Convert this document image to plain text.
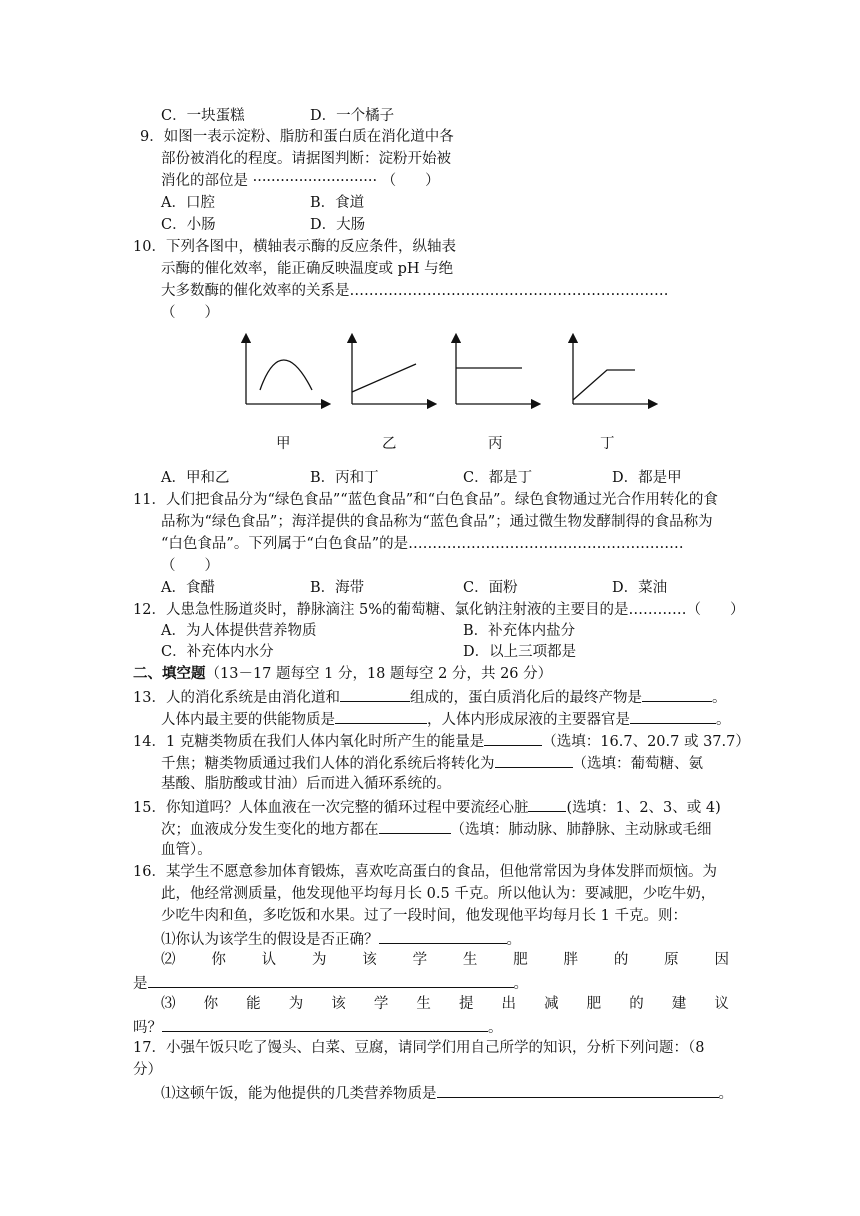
C．一块蛋糕	D．一个橘子
9．如图一表示淀粉、脂肪和蛋白质在消化道中各
部份被消化的程度。请据图判断：淀粉开始被
消化的部位是 ··························· （　　）
A．口腔	B．食道
C．小肠	D．大肠
10．下列各图中，横轴表示酶的反应条件，纵轴表
示酶的催化效率，能正确反映温度或 pH 与绝
大多数酶的催化效率的关系是…………………………………………………………
（　　）
甲	乙	丙	丁
A．甲和乙	B．丙和丁	C．都是丁	D．都是甲
11．人们把食品分为“绿色食品”“蓝色食品”和“白色食品”。绿色食物通过光合作用转化的食
品称为“绿色食品”；海洋提供的食品称为“蓝色食品”；通过微生物发酵制得的食品称为
“白色食品”。下列属于“白色食品”的是…………………………………………………
（　　）
A．食醋	B．海带	C．面粉	D．菜油
12．人患急性肠道炎时，静脉滴注 5%的葡萄糖、氯化钠注射液的主要目的是…………（　　）
A．为人体提供营养物质	B．补充体内盐分
C．补充体内水分	D．以上三项都是
二、填空题（13－17 题每空 1 分，18 题每空 2 分，共 26 分）
13．人的消化系统是由消化道和	组成的，蛋白质消化后的最终产物是	。
人体内最主要的供能物质是	，人体内形成尿液的主要器官是	。
14．1 克糖类物质在我们人体内氧化时所产生的能量是	（选填：16.7、20.7 或 37.7）
千焦；糖类物质通过我们人体的消化系统后将转化为	（选填：葡萄糖、氨
基酸、脂肪酸或甘油）后而进入循环系统的。
15．你知道吗？人体血液在一次完整的循环过程中要流经心脏	(选填：1、2、3、或 4)
次；血液成分发生变化的地方都在	（选填：肺动脉、肺静脉、主动脉或毛细
血管）。
16．某学生不愿意参加体育锻炼，喜欢吃高蛋白的食品，但他常常因为身体发胖而烦恼。为
此，他经常测质量，他发现他平均每月长 0.5 千克。所以他认为：要减肥，少吃牛奶，
少吃牛肉和鱼，多吃饭和水果。过了一段时间，他发现他平均每月长 1 千克。则：
⑴你认为该学生的假设是否正确？	。
⑵ 你 认 为 该 学 生 肥 胖 的 原 因
是	。
⑶ 你 能 为 该 学 生 提 出 减 肥 的 建 议
吗？	。
17．小强午饭只吃了馒头、白菜、豆腐，请同学们用自己所学的知识，分析下列问题：（8
分）
⑴这顿午饭，能为他提供的几类营养物质是	。
